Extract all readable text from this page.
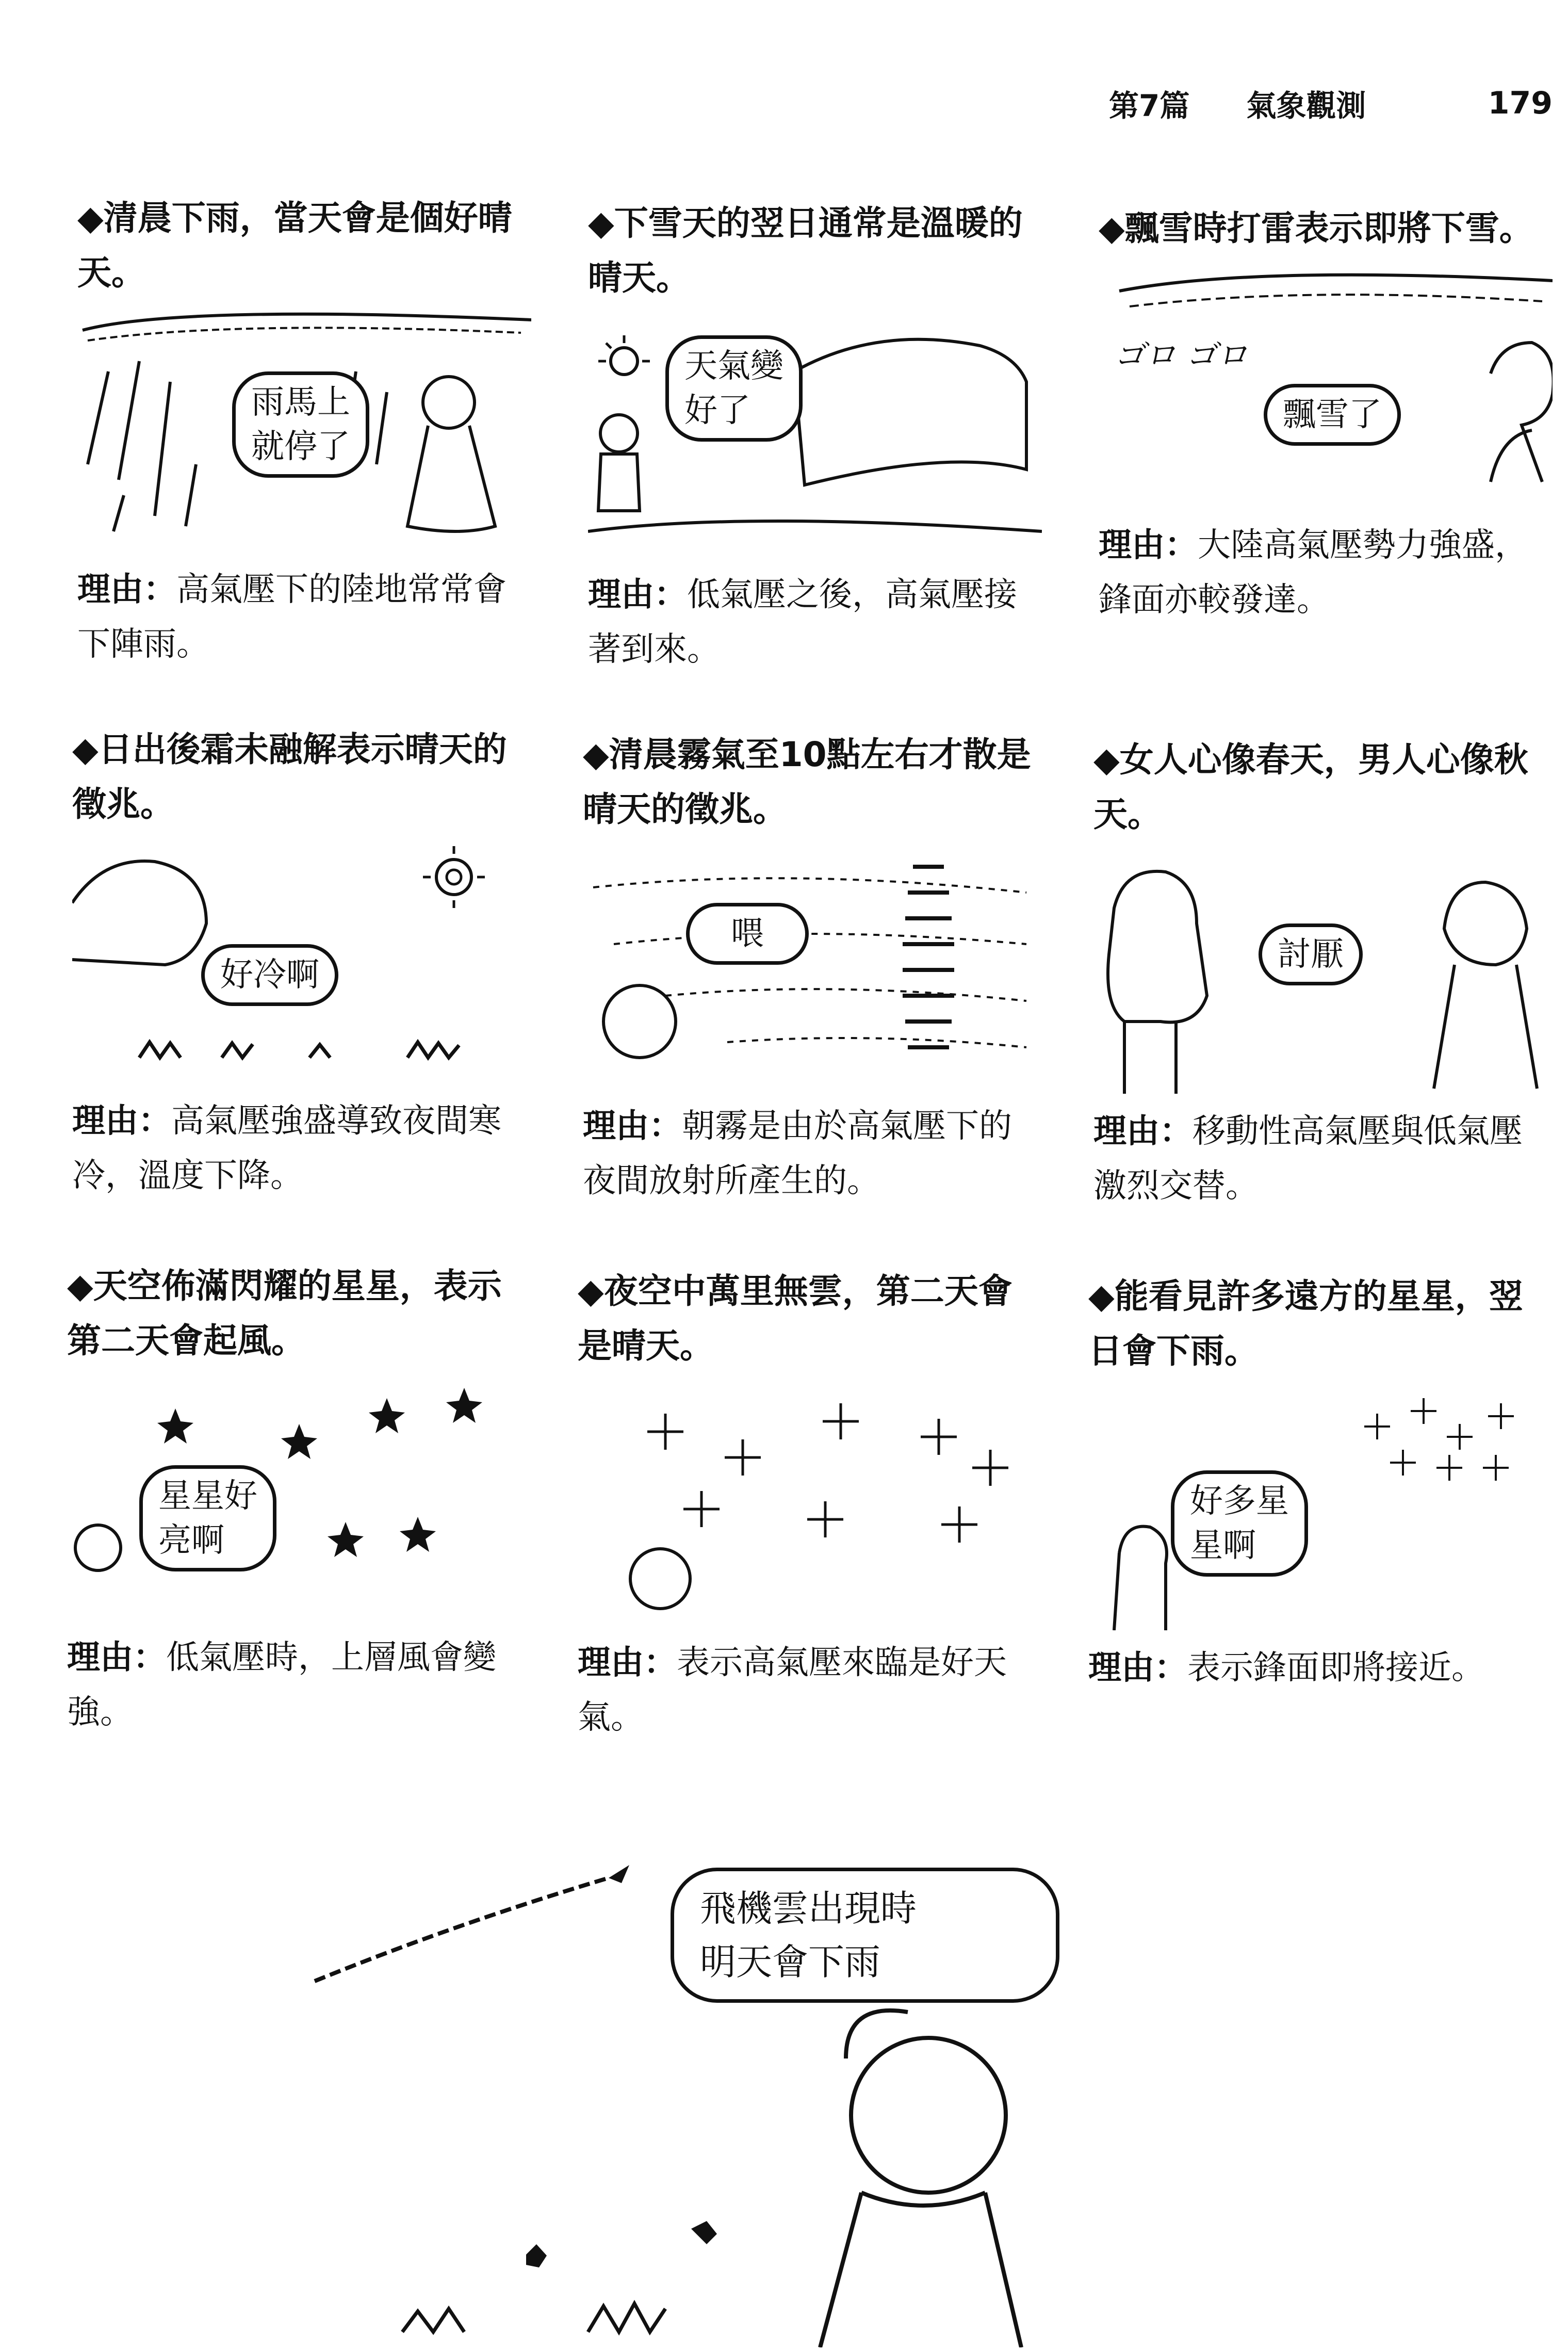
第7篇 氣象觀測	179

◆清晨下雨，當天會是個好晴天。

雨馬上
就停了
理由：高氣壓下的陸地常常會下陣雨。

◆下雪天的翌日通常是溫暖的晴天。

天氣變
好了
理由：低氣壓之後，高氣壓接著到來。

◆飄雪時打雷表示即將下雪。

ゴロ ゴロ
飄雪了
理由：大陸高氣壓勢力強盛，鋒面亦較發達。

◆日出後霜未融解表示晴天的徵兆。

好冷啊
理由：高氣壓強盛導致夜間寒冷，溫度下降。

◆清晨霧氣至10點左右才散是晴天的徵兆。

喂
理由：朝霧是由於高氣壓下的夜間放射所產生的。

◆女人心像春天，男人心像秋天。

討厭
理由：移動性高氣壓與低氣壓激烈交替。

◆天空佈滿閃耀的星星，表示第二天會起風。

星星好
亮啊
理由：低氣壓時，上層風會變強。

◆夜空中萬里無雲，第二天會是晴天。

理由：表示高氣壓來臨是好天氣。

◆能看見許多遠方的星星，翌日會下雨。

好多星
星啊
理由：表示鋒面即將接近。
飛機雲出現時
明天會下雨
